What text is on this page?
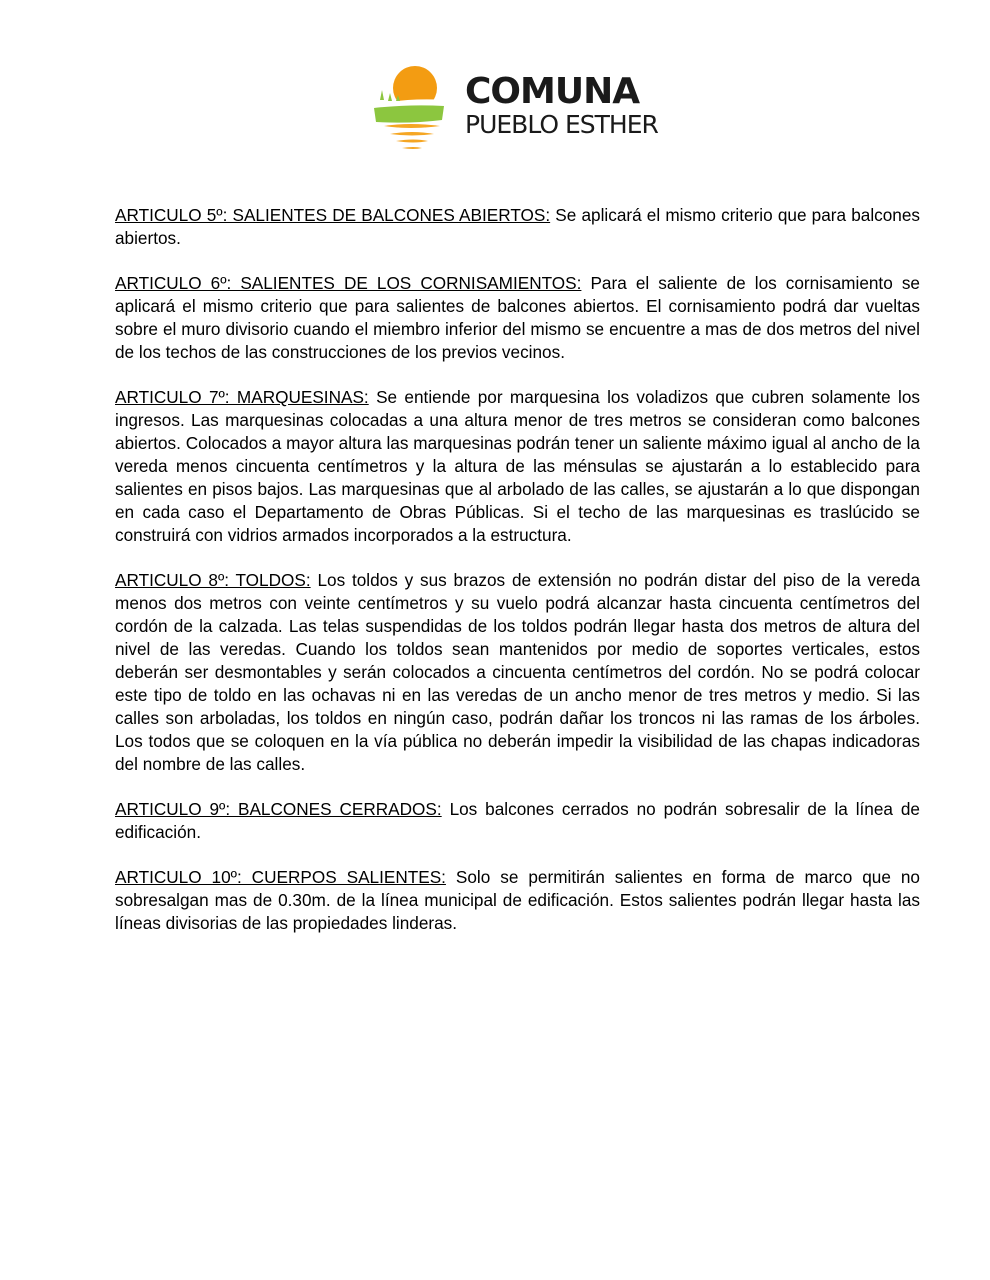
COMUNA
PUEBLO ESTHER

ARTICULO 5º: SALIENTES DE BALCONES ABIERTOS: Se aplicará el mismo criterio que para balcones abiertos.

ARTICULO 6º: SALIENTES DE LOS CORNISAMIENTOS: Para el saliente de los cornisamiento se aplicará el mismo criterio que para salientes de balcones abiertos. El cornisamiento podrá dar vueltas sobre el muro divisorio cuando el miembro inferior del mismo se encuentre a mas de dos metros del nivel de los techos de las construcciones de los previos vecinos.

ARTICULO 7º: MARQUESINAS: Se entiende por marquesina los voladizos que cubren solamente los ingresos. Las marquesinas colocadas a una altura menor de tres metros se consideran como balcones abiertos. Colocados a mayor altura las marquesinas podrán tener un saliente máximo igual al ancho de la vereda menos cincuenta centímetros y la altura de las ménsulas se ajustarán a lo establecido para salientes en pisos bajos. Las marquesinas que al arbolado de las calles, se ajustarán a lo que dispongan en cada caso el Departamento de Obras Públicas. Si el techo de las marquesinas es traslúcido se construirá con vidrios armados incorporados a la estructura.

ARTICULO 8º: TOLDOS: Los toldos y sus brazos de extensión no podrán distar del piso de la vereda menos dos metros con veinte centímetros y su vuelo podrá alcanzar hasta cincuenta centímetros del cordón de la calzada. Las telas suspendidas de los toldos podrán llegar hasta dos metros de altura del nivel de las veredas. Cuando los toldos sean mantenidos por medio de soportes verticales, estos deberán ser desmontables y serán colocados a cincuenta centímetros del cordón. No se podrá colocar este tipo de toldo en las ochavas ni en las veredas de un ancho menor de tres metros y medio. Si las calles son arboladas, los toldos en ningún caso, podrán dañar los troncos ni las ramas de los árboles. Los todos que se coloquen en la vía pública no deberán impedir la visibilidad de las chapas indicadoras del nombre de las calles.

ARTICULO 9º: BALCONES CERRADOS: Los balcones cerrados no podrán sobresalir de la línea de edificación.

ARTICULO 10º: CUERPOS SALIENTES: Solo se permitirán salientes en forma de marco que no sobresalgan mas de 0.30m. de la línea municipal de edificación. Estos salientes podrán llegar hasta las líneas divisorias de las propiedades linderas.
